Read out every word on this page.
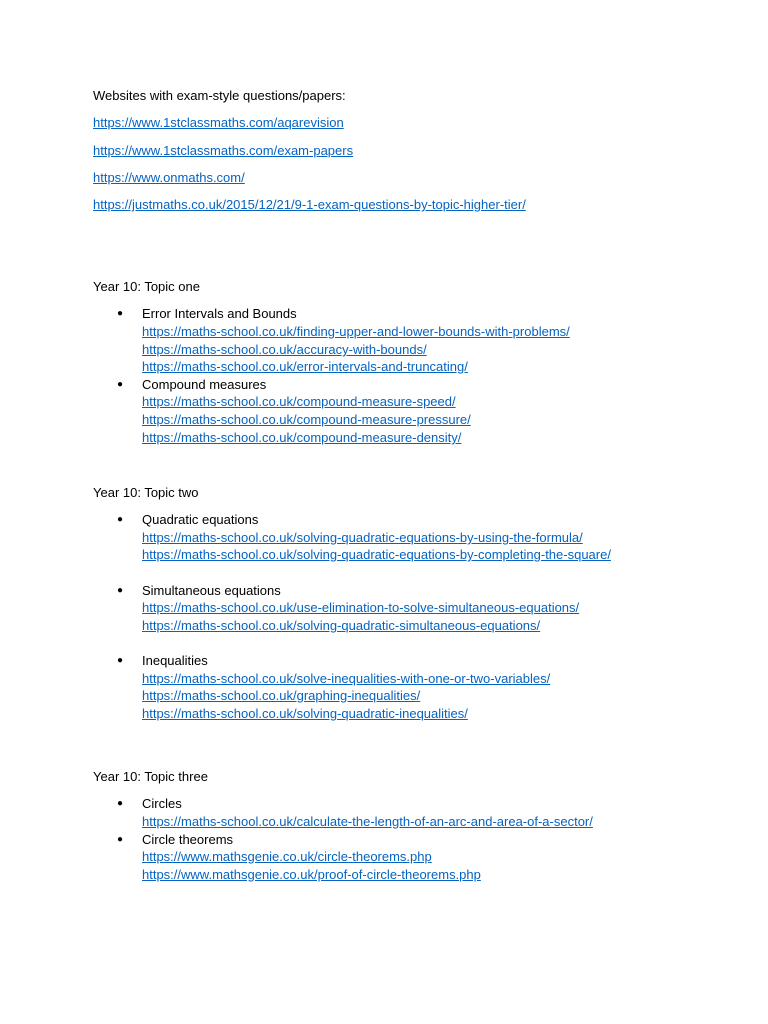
Websites with exam-style questions/papers:
https://www.1stclassmaths.com/aqarevision
https://www.1stclassmaths.com/exam-papers
https://www.onmaths.com/
https://justmaths.co.uk/2015/12/21/9-1-exam-questions-by-topic-higher-tier/
Year 10: Topic one
● Error Intervals and Bounds
https://maths-school.co.uk/finding-upper-and-lower-bounds-with-problems/
https://maths-school.co.uk/accuracy-with-bounds/
https://maths-school.co.uk/error-intervals-and-truncating/
● Compound measures
https://maths-school.co.uk/compound-measure-speed/
https://maths-school.co.uk/compound-measure-pressure/
https://maths-school.co.uk/compound-measure-density/
Year 10: Topic two
● Quadratic equations
https://maths-school.co.uk/solving-quadratic-equations-by-using-the-formula/
https://maths-school.co.uk/solving-quadratic-equations-by-completing-the-square/
● Simultaneous equations
https://maths-school.co.uk/use-elimination-to-solve-simultaneous-equations/
https://maths-school.co.uk/solving-quadratic-simultaneous-equations/
● Inequalities
https://maths-school.co.uk/solve-inequalities-with-one-or-two-variables/
https://maths-school.co.uk/graphing-inequalities/
https://maths-school.co.uk/solving-quadratic-inequalities/
Year 10: Topic three
● Circles
https://maths-school.co.uk/calculate-the-length-of-an-arc-and-area-of-a-sector/
● Circle theorems
https://www.mathsgenie.co.uk/circle-theorems.php
https://www.mathsgenie.co.uk/proof-of-circle-theorems.php
